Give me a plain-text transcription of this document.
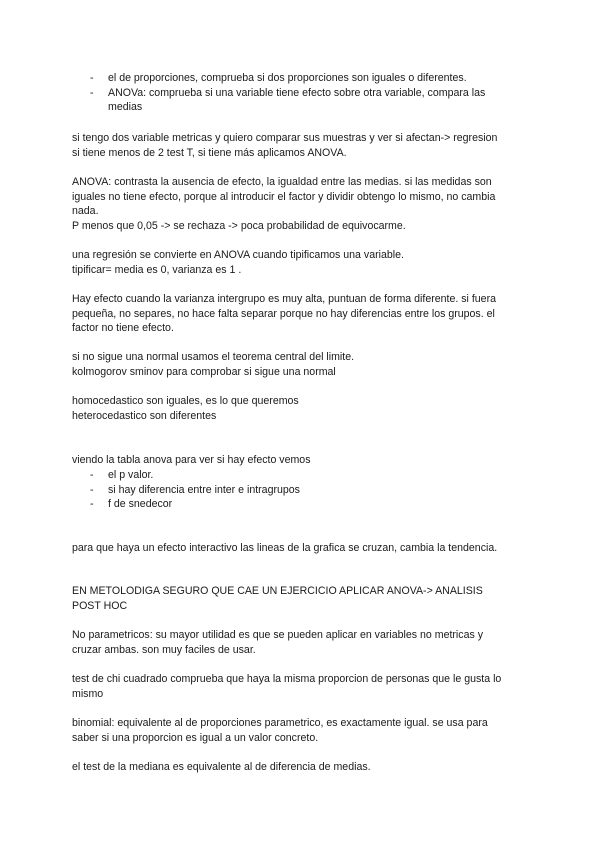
- el de proporciones, comprueba si dos proporciones son iguales o diferentes.
- ANOVa: comprueba si una variable tiene efecto sobre otra variable, compara las medias

si tengo dos variable metricas y quiero comparar sus muestras y ver si afectan-> regresion

si tiene menos de 2 test T, si tiene más aplicamos ANOVA.

ANOVA: contrasta la ausencia de efecto, la igualdad entre las medias. si las medidas son

iguales no tiene efecto, porque al introducir el factor y dividir obtengo lo mismo, no cambia

nada.

P menos que 0,05 -> se rechaza -> poca probabilidad de equivocarme.

una regresión se convierte en ANOVA cuando tipificamos una variable.

tipificar= media es 0, varianza es 1 .

Hay efecto cuando la varianza intergrupo es muy alta, puntuan de forma diferente. si fuera

pequeña, no separes, no hace falta separar porque no hay diferencias entre los grupos. el

factor no tiene efecto.

si no sigue una normal usamos el teorema central del limite.

kolmogorov sminov para comprobar si sigue una normal

homocedastico son iguales, es lo que queremos

heterocedastico son diferentes

viendo la tabla anova para ver si hay efecto vemos

- el p valor.
- si hay diferencia entre inter e intragrupos
- f de snedecor

para que haya un efecto interactivo las lineas de la grafica se cruzan, cambia la tendencia.

EN METOLODIGA SEGURO QUE CAE UN EJERCICIO APLICAR ANOVA-> ANALISIS

POST HOC

No parametricos: su mayor utilidad es que se pueden aplicar en variables no metricas y

cruzar ambas. son muy faciles de usar.

test de chi cuadrado comprueba que haya la misma proporcion de personas que le gusta lo

mismo

binomial: equivalente al de proporciones parametrico, es exactamente igual. se usa para

saber si una proporcion es igual a un valor concreto.

el test de la mediana es equivalente al de diferencia de medias.
